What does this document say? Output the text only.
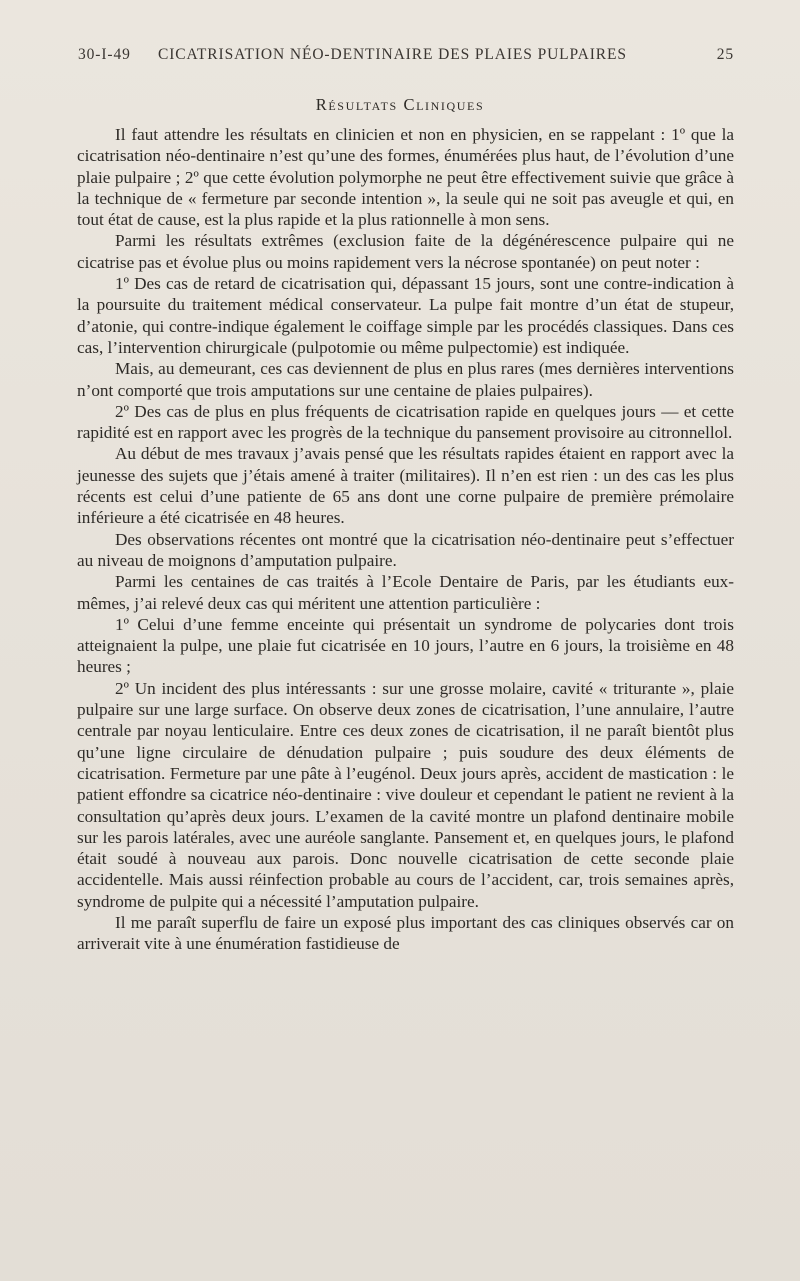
30-I-49 CICATRISATION NÉO-DENTINAIRE DES PLAIES PULPAIRES	25
Résultats Cliniques

Il faut attendre les résultats en clinicien et non en physicien, en se rappelant : 1º que la cicatrisation néo-dentinaire n’est qu’une des formes, énumérées plus haut, de l’évolution d’une plaie pulpaire ; 2º que cette évolution polymorphe ne peut être effectivement suivie que grâce à la technique de « fermeture par seconde intention », la seule qui ne soit pas aveugle et qui, en tout état de cause, est la plus rapide et la plus rationnelle à mon sens.

Parmi les résultats extrêmes (exclusion faite de la dégénérescence pulpaire qui ne cicatrise pas et évolue plus ou moins rapidement vers la nécrose spontanée) on peut noter :

1º Des cas de retard de cicatrisation qui, dépassant 15 jours, sont une contre-indication à la poursuite du traitement médical conservateur. La pulpe fait montre d’un état de stupeur, d’atonie, qui contre-indique également le coiffage simple par les procédés classiques. Dans ces cas, l’intervention chirurgicale (pulpotomie ou même pulpectomie) est indiquée.

Mais, au demeurant, ces cas deviennent de plus en plus rares (mes dernières interventions n’ont comporté que trois amputations sur une centaine de plaies pulpaires).

2º Des cas de plus en plus fréquents de cicatrisation rapide en quelques jours — et cette rapidité est en rapport avec les progrès de la technique du pansement provisoire au citronnellol.

Au début de mes travaux j’avais pensé que les résultats rapides étaient en rapport avec la jeunesse des sujets que j’étais amené à traiter (militaires). Il n’en est rien : un des cas les plus récents est celui d’une patiente de 65 ans dont une corne pulpaire de première prémolaire inférieure a été cicatrisée en 48 heures.

Des observations récentes ont montré que la cicatrisation néo-dentinaire peut s’effectuer au niveau de moignons d’amputation pulpaire.

Parmi les centaines de cas traités à l’Ecole Dentaire de Paris, par les étudiants eux-mêmes, j’ai relevé deux cas qui méritent une attention particulière :

1º Celui d’une femme enceinte qui présentait un syndrome de polycaries dont trois atteignaient la pulpe, une plaie fut cicatrisée en 10 jours, l’autre en 6 jours, la troisième en 48 heures ;

2º Un incident des plus intéressants : sur une grosse molaire, cavité « triturante », plaie pulpaire sur une large surface. On observe deux zones de cicatrisation, l’une annulaire, l’autre centrale par noyau lenticulaire. Entre ces deux zones de cicatrisation, il ne paraît bientôt plus qu’une ligne circulaire de dénudation pulpaire ; puis soudure des deux éléments de cicatrisation. Fermeture par une pâte à l’eugénol. Deux jours après, accident de mastication : le patient effondre sa cicatrice néo-dentinaire : vive douleur et cependant le patient ne revient à la consultation qu’après deux jours. L’examen de la cavité montre un plafond dentinaire mobile sur les parois latérales, avec une auréole sanglante. Pansement et, en quelques jours, le plafond était soudé à nouveau aux parois. Donc nouvelle cicatrisation de cette seconde plaie accidentelle. Mais aussi réinfection probable au cours de l’accident, car, trois semaines après, syndrome de pulpite qui a nécessité l’amputation pulpaire.

Il me paraît superflu de faire un exposé plus important des cas cliniques observés car on arriverait vite à une énumération fastidieuse de
